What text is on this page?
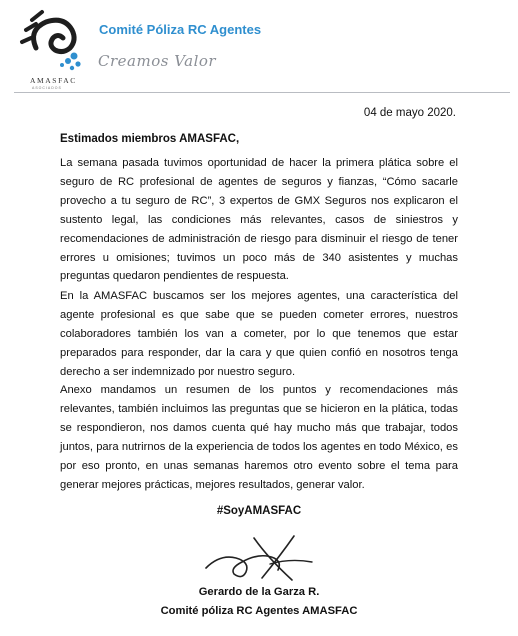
AMASFAC
ASOCIADOS
Comité Póliza RC Agentes
Creamos Valor
04 de mayo 2020.
Estimados miembros AMASFAC,

La semana pasada tuvimos oportunidad de hacer la primera plática sobre el seguro de RC profesional de agentes de seguros y fianzas, “Cómo sacarle provecho a tu seguro de RC”, 3 expertos de GMX Seguros nos explicaron el sustento legal, las condiciones más relevantes, casos de siniestros y recomendaciones de administración de riesgo para disminuir el riesgo de tener errores u omisiones; tuvimos un poco más de 340 asistentes y muchas preguntas quedaron pendientes de respuesta.

En la AMASFAC buscamos ser los mejores agentes, una característica del agente profesional es que sabe que se pueden cometer errores, nuestros colaboradores también los van a cometer, por lo que tenemos que estar preparados para responder, dar la cara y que quien confió en nosotros tenga derecho a ser indemnizado por nuestro seguro.

Anexo mandamos un resumen de los puntos y recomendaciones más relevantes, también incluimos las preguntas que se hicieron en la plática, todas se respondieron, nos damos cuenta qué hay mucho más que trabajar, todos juntos, para nutrirnos de la experiencia de todos los agentes en todo México, es por eso pronto, en unas semanas haremos otro evento sobre el tema para generar mejores prácticas, mejores resultados, generar valor.

#SoyAMASFAC
Gerardo de la Garza R.
Comité póliza RC Agentes AMASFAC
